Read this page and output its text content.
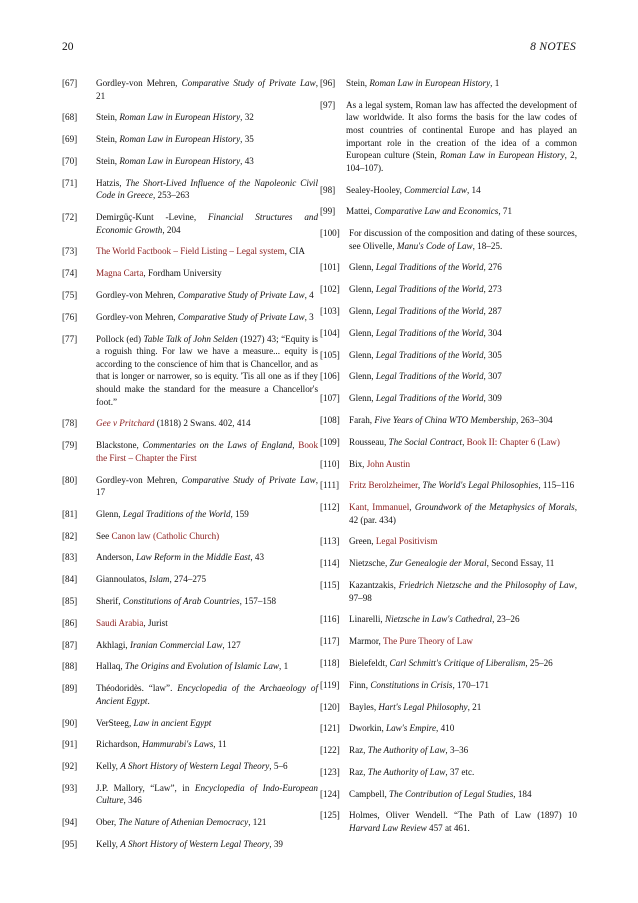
20	8 NOTES
[67] Gordley-von Mehren, Comparative Study of Private Law, 21
[68] Stein, Roman Law in European History, 32
[69] Stein, Roman Law in European History, 35
[70] Stein, Roman Law in European History, 43
[71] Hatzis, The Short-Lived Influence of the Napoleonic Civil Code in Greece, 253–263
[72] Demirgüç-Kunt -Levine, Financial Structures and Economic Growth, 204
[73] The World Factbook – Field Listing – Legal system, CIA
[74] Magna Carta, Fordham University
[75] Gordley-von Mehren, Comparative Study of Private Law, 4
[76] Gordley-von Mehren, Comparative Study of Private Law, 3
[77] Pollock (ed) Table Talk of John Selden (1927) 43; “Equity is a roguish thing. For law we have a measure... equity is according to the conscience of him that is Chancellor, and as that is longer or narrower, so is equity. 'Tis all one as if they should make the standard for the measure a Chancellor's foot.”
[78] Gee v Pritchard (1818) 2 Swans. 402, 414
[79] Blackstone, Commentaries on the Laws of England, Book the First – Chapter the First
[80] Gordley-von Mehren, Comparative Study of Private Law, 17
[81] Glenn, Legal Traditions of the World, 159
[82] See Canon law (Catholic Church)
[83] Anderson, Law Reform in the Middle East, 43
[84] Giannoulatos, Islam, 274–275
[85] Sherif, Constitutions of Arab Countries, 157–158
[86] Saudi Arabia, Jurist
[87] Akhlagi, Iranian Commercial Law, 127
[88] Hallaq, The Origins and Evolution of Islamic Law, 1
[89] Théodoridès. “law”. Encyclopedia of the Archaeology of Ancient Egypt.
[90] VerSteeg, Law in ancient Egypt
[91] Richardson, Hammurabi's Laws, 11
[92] Kelly, A Short History of Western Legal Theory, 5–6
[93] J.P. Mallory, “Law”, in Encyclopedia of Indo-European Culture, 346
[94] Ober, The Nature of Athenian Democracy, 121
[95] Kelly, A Short History of Western Legal Theory, 39
[96] Stein, Roman Law in European History, 1
[97] As a legal system, Roman law has affected the development of law worldwide. It also forms the basis for the law codes of most countries of continental Europe and has played an important role in the creation of the idea of a common European culture (Stein, Roman Law in European History, 2, 104–107).
[98] Sealey-Hooley, Commercial Law, 14
[99] Mattei, Comparative Law and Economics, 71
[100] For discussion of the composition and dating of these sources, see Olivelle, Manu's Code of Law, 18–25.
[101] Glenn, Legal Traditions of the World, 276
[102] Glenn, Legal Traditions of the World, 273
[103] Glenn, Legal Traditions of the World, 287
[104] Glenn, Legal Traditions of the World, 304
[105] Glenn, Legal Traditions of the World, 305
[106] Glenn, Legal Traditions of the World, 307
[107] Glenn, Legal Traditions of the World, 309
[108] Farah, Five Years of China WTO Membership, 263–304
[109] Rousseau, The Social Contract, Book II: Chapter 6 (Law)
[110] Bix, John Austin
[111] Fritz Berolzheimer, The World's Legal Philosophies, 115–116
[112] Kant, Immanuel, Groundwork of the Metaphysics of Morals, 42 (par. 434)
[113] Green, Legal Positivism
[114] Nietzsche, Zur Genealogie der Moral, Second Essay, 11
[115] Kazantzakis, Friedrich Nietzsche and the Philosophy of Law, 97–98
[116] Linarelli, Nietzsche in Law's Cathedral, 23–26
[117] Marmor, The Pure Theory of Law
[118] Bielefeldt, Carl Schmitt's Critique of Liberalism, 25–26
[119] Finn, Constitutions in Crisis, 170–171
[120] Bayles, Hart's Legal Philosophy, 21
[121] Dworkin, Law's Empire, 410
[122] Raz, The Authority of Law, 3–36
[123] Raz, The Authority of Law, 37 etc.
[124] Campbell, The Contribution of Legal Studies, 184
[125] Holmes, Oliver Wendell. “The Path of Law (1897) 10 Harvard Law Review 457 at 461.
